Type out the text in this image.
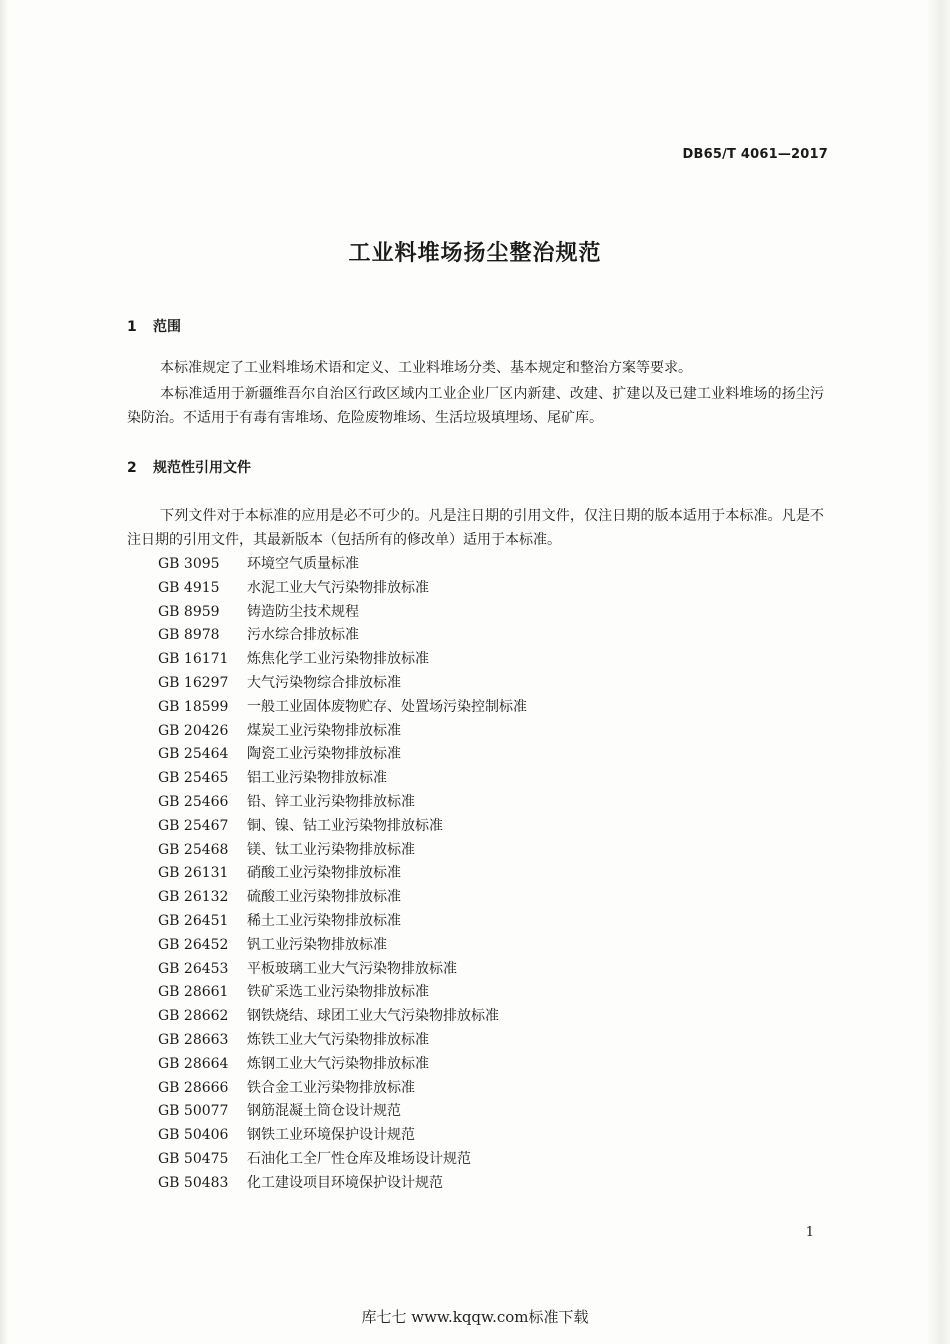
DB65/T 4061—2017
工业料堆场扬尘整治规范
1 范围
本标准规定了工业料堆场术语和定义、工业料堆场分类、基本规定和整治方案等要求。
本标准适用于新疆维吾尔自治区行政区域内工业企业厂区内新建、改建、扩建以及已建工业料堆场的扬尘污染防治。不适用于有毒有害堆场、危险废物堆场、生活垃圾填埋场、尾矿库。
2 规范性引用文件
下列文件对于本标准的应用是必不可少的。凡是注日期的引用文件，仅注日期的版本适用于本标准。凡是不注日期的引用文件，其最新版本（包括所有的修改单）适用于本标准。
GB 3095 环境空气质量标准
GB 4915 水泥工业大气污染物排放标准
GB 8959 铸造防尘技术规程
GB 8978 污水综合排放标准
GB 16171 炼焦化学工业污染物排放标准
GB 16297 大气污染物综合排放标准
GB 18599 一般工业固体废物贮存、处置场污染控制标准
GB 20426 煤炭工业污染物排放标准
GB 25464 陶瓷工业污染物排放标准
GB 25465 铝工业污染物排放标准
GB 25466 铅、锌工业污染物排放标准
GB 25467 铜、镍、钴工业污染物排放标准
GB 25468 镁、钛工业污染物排放标准
GB 26131 硝酸工业污染物排放标准
GB 26132 硫酸工业污染物排放标准
GB 26451 稀土工业污染物排放标准
GB 26452 钒工业污染物排放标准
GB 26453 平板玻璃工业大气污染物排放标准
GB 28661 铁矿采选工业污染物排放标准
GB 28662 钢铁烧结、球团工业大气污染物排放标准
GB 28663 炼铁工业大气污染物排放标准
GB 28664 炼钢工业大气污染物排放标准
GB 28666 铁合金工业污染物排放标准
GB 50077 钢筋混凝土筒仓设计规范
GB 50406 钢铁工业环境保护设计规范
GB 50475 石油化工全厂性仓库及堆场设计规范
GB 50483 化工建设项目环境保护设计规范
1
库七七 www.kqqw.com标准下载
